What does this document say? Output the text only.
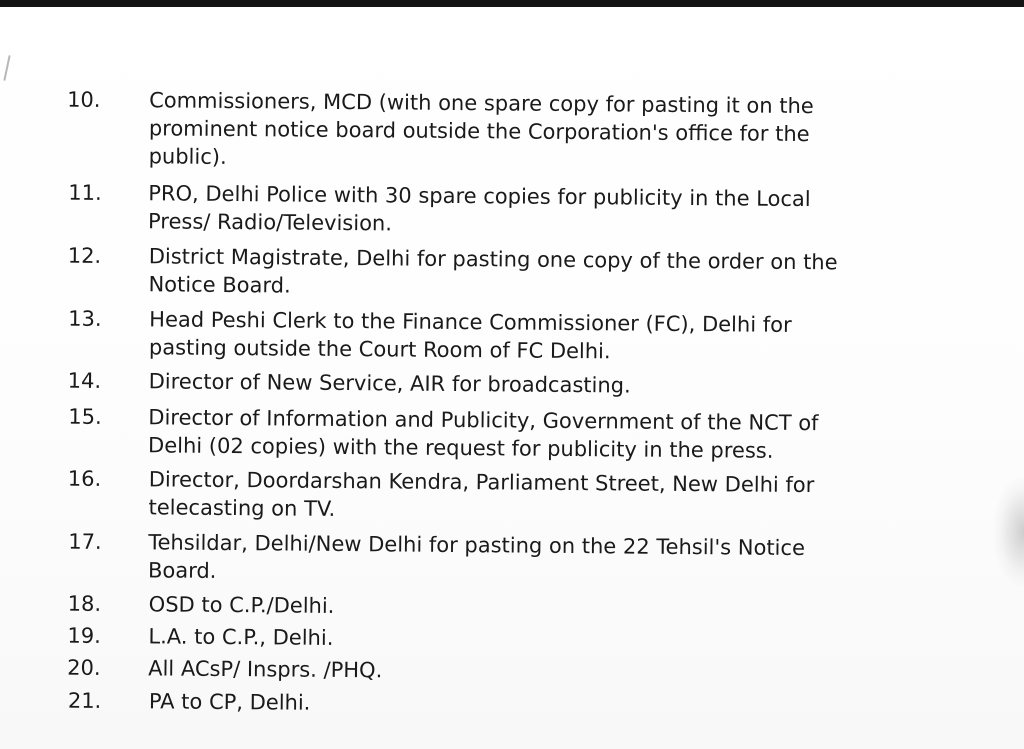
10.	Commissioners, MCD (with one spare copy for pasting it on the
prominent notice board outside the Corporation's office for the
public).
11.	PRO, Delhi Police with 30 spare copies for publicity in the Local
Press/ Radio/Television.
12.	District Magistrate, Delhi for pasting one copy of the order on the
Notice Board.
13.	Head Peshi Clerk to the Finance Commissioner (FC), Delhi for
pasting outside the Court Room of FC Delhi.
14.	Director of New Service, AIR for broadcasting.
15.	Director of Information and Publicity, Government of the NCT of
Delhi (02 copies) with the request for publicity in the press.
16.	Director, Doordarshan Kendra, Parliament Street, New Delhi for
telecasting on TV.
17.	Tehsildar, Delhi/New Delhi for pasting on the 22 Tehsil's Notice
Board.
18.	OSD to C.P./Delhi.
19.	L.A. to C.P., Delhi.
20.	All ACsP/ Insprs. /PHQ.
21.	PA to CP, Delhi.
